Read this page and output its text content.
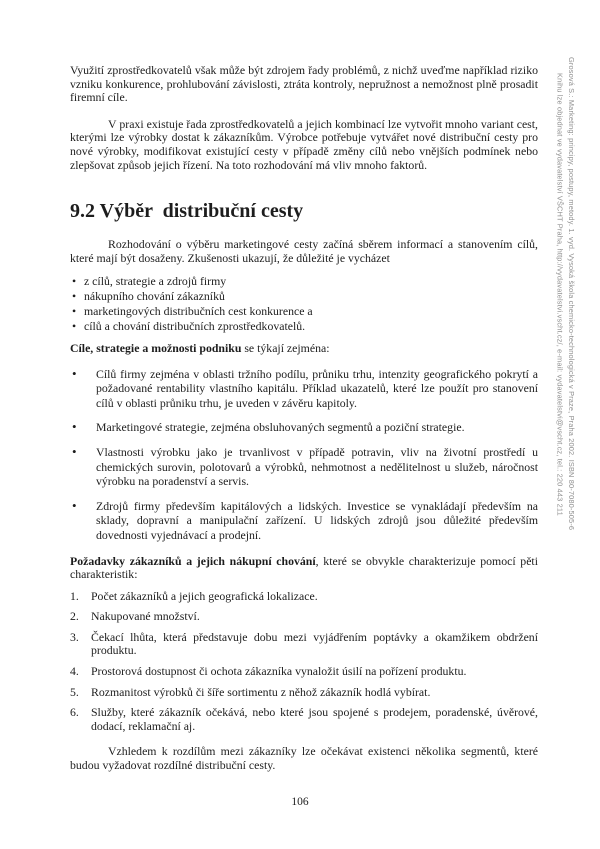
Využití zprostředkovatelů však může být zdrojem řady problémů, z nichž uveďme například riziko vzniku konkurence, prohlubování závislosti, ztráta kontroly, nepružnost a nemožnost plně prosadit firemní cíle.

V praxi existuje řada zprostředkovatelů a jejich kombinací lze vytvořit mnoho variant cest, kterými lze výrobky dostat k zákazníkům. Výrobce potřebuje vytvářet nové distribuční cesty pro nové výrobky, modifikovat existující cesty v případě změny cílů nebo vnějších podmínek nebo zlepšovat způsob jejich řízení. Na toto rozhodování má vliv mnoho faktorů.

9.2 Výběr  distribuční cesty

Rozhodování o výběru marketingové cesty začíná sběrem informací a stanovením cílů, které mají být dosaženy. Zkušenosti ukazují, že důležité je vycházet

• z cílů, strategie a zdrojů firmy
• nákupního chování zákazníků
• marketingových distribučních cest konkurence a
• cílů a chování distribučních zprostředkovatelů.

Cíle, strategie a možnosti podniku se týkají zejména:

• Cílů firmy zejména v oblasti tržního podílu, průniku trhu, intenzity geografického pokrytí a požadované rentability vlastního kapitálu. Příklad ukazatelů, které lze použít pro stanovení cílů v oblasti průniku trhu, je uveden v závěru kapitoly.
• Marketingové strategie, zejména obsluhovaných segmentů a poziční strategie.
• Vlastnosti výrobku jako je trvanlivost v případě potravin, vliv na životní prostředí u chemických surovin, polotovarů a výrobků, nehmotnost a nedělitelnost u služeb, náročnost výrobku na poradenství a servis.
• Zdrojů firmy především kapitálových a lidských. Investice se vynakládají především na sklady, dopravní a manipulační zařízení. U lidských zdrojů jsou důležité především dovednosti vyjednávací a prodejní.

Požadavky zákazníků a jejich nákupní chování, které se obvykle charakterizuje pomocí pěti charakteristik:

1. Počet zákazníků a jejich geografická lokalizace.
2. Nakupované množství.
3. Čekací lhůta, která představuje dobu mezi vyjádřením poptávky a okamžikem obdržení produktu.
4. Prostorová dostupnost či ochota zákazníka vynaložit úsilí na pořízení produktu.
5. Rozmanitost výrobků či šíře sortimentu z něhož zákazník hodlá vybírat.
6. Služby, které zákazník očekává, nebo které jsou spojené s prodejem, poradenské, úvěrové, dodací, reklamační aj.

Vzhledem k rozdílům mezi zákazníky lze očekávat existenci několika segmentů, které budou vyžadovat rozdílné distribuční cesty.

Grosová S.: Marketing: principy, postupy, metody. 1. vyd. Vysoká škola chemicko-technologická v Praze, Praha 2002. ISBN 80-7080-505-6
Knihu lze objednat ve vydavatelství VŠCHT Praha, http://vydavatelstvi.vscht.cz/, e-mail: vydavatelstvi@vscht.cz, tel.: 220 443 211
106
